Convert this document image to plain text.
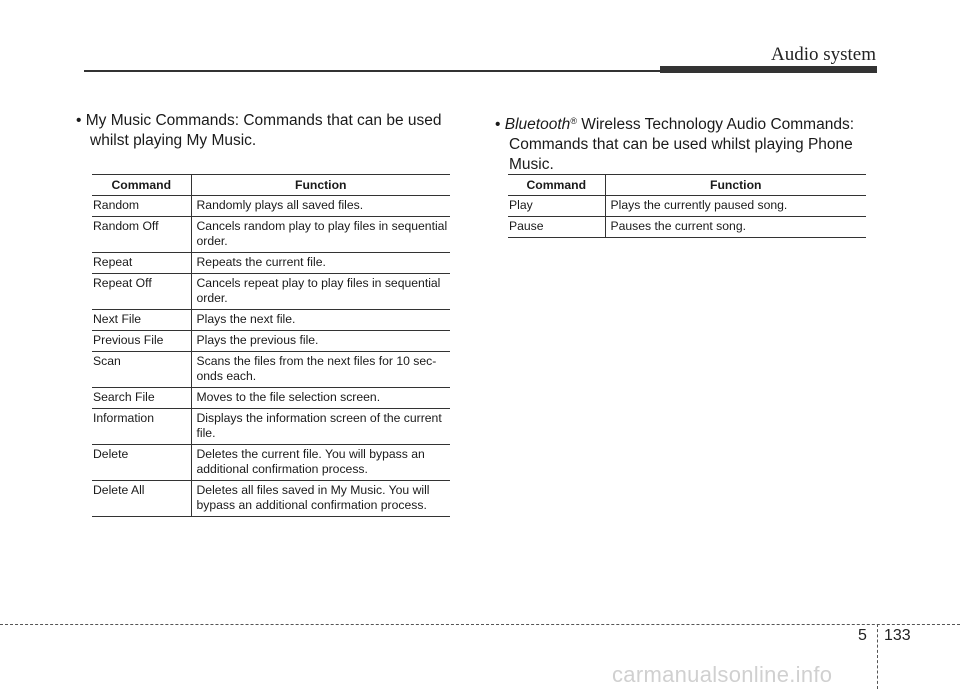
Audio system
• My Music Commands: Commands that can be used
whilst playing My Music.
Command	Function
Random	Randomly plays all saved files.

Random Off	Cancels random play to play files in sequential
order.

Repeat	Repeats the current file.

Repeat Off	Cancels repeat play to play files in sequential
order.

Next File	Plays the next file.

Previous File	Plays the previous file.

Scan	Scans the files from the next files for 10 sec-
onds each.

Search File	Moves to the file selection screen.

Information	Displays the information screen of the current
file.

Delete	Deletes the current file. You will bypass an
additional confirmation process.

Delete All	Deletes all files saved in My Music. You will
bypass an additional confirmation process.
• Bluetooth® Wireless Technology Audio Commands:
Commands that can be used whilst playing Phone
Music.
Command	Function
Play	Plays the currently paused song.

Pause	Pauses the current song.
5 133
carmanualsonline.info
